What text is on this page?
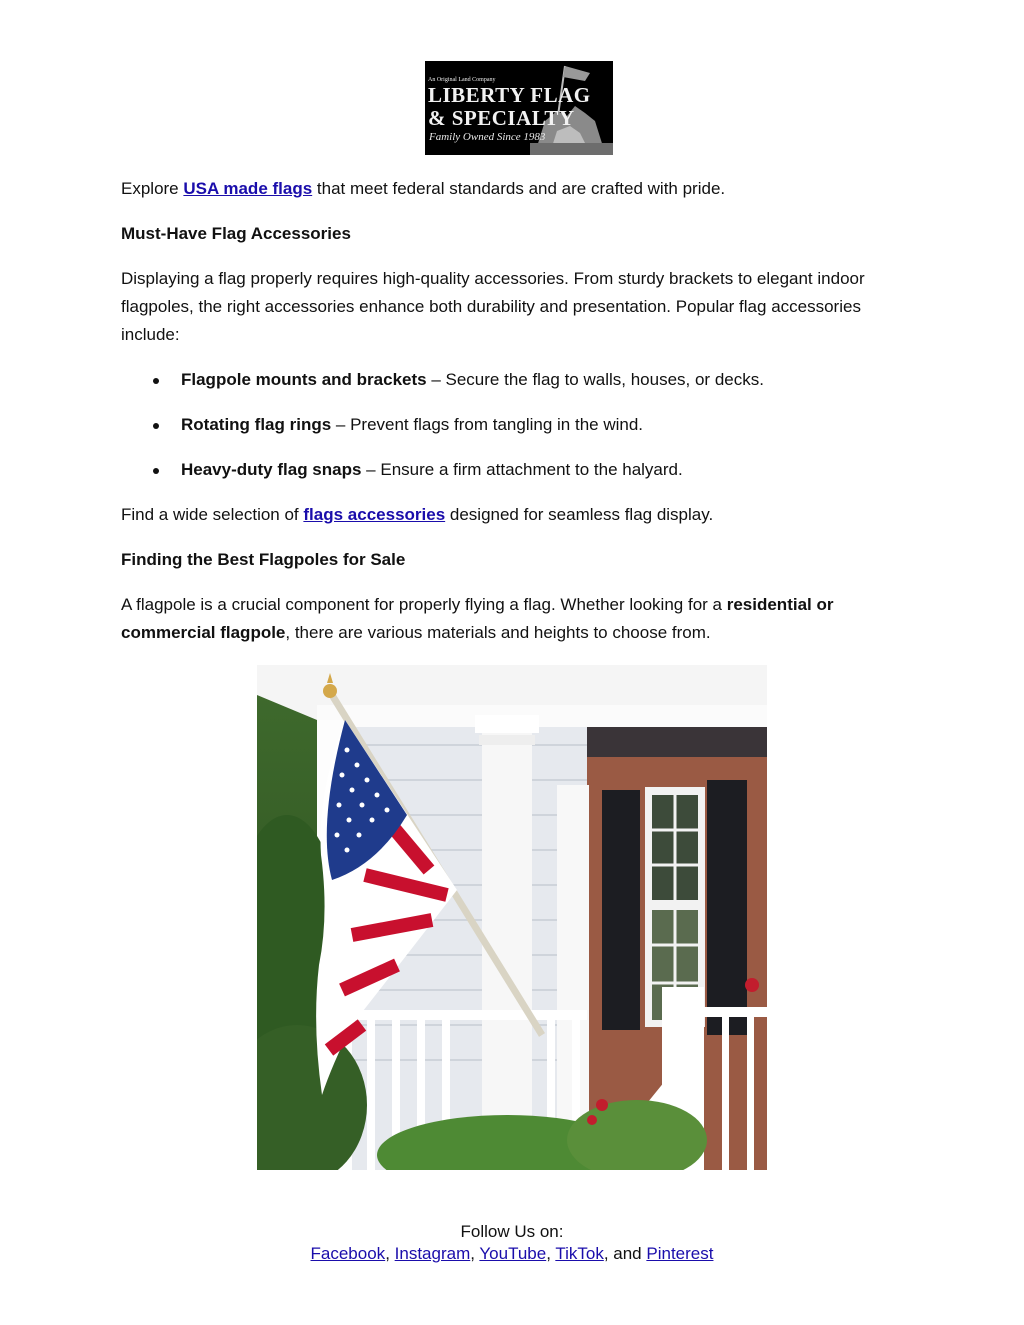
An Original Land Company
LIBERTY FLAG
& SPECIALTY
Family Owned Since 1983

Explore USA made flags that meet federal standards and are crafted with pride.

Must-Have Flag Accessories

Displaying a flag properly requires high-quality accessories. From sturdy brackets to elegant indoor flagpoles, the right accessories enhance both durability and presentation. Popular flag accessories include:

Flagpole mounts and brackets – Secure the flag to walls, houses, or decks.
Rotating flag rings – Prevent flags from tangling in the wind.
Heavy-duty flag snaps – Ensure a firm attachment to the halyard.

Find a wide selection of flags accessories designed for seamless flag display.

Finding the Best Flagpoles for Sale

A flagpole is a crucial component for properly flying a flag. Whether looking for a residential or commercial flagpole, there are various materials and heights to choose from.

Follow Us on:
Facebook, Instagram, YouTube, TikTok, and Pinterest
